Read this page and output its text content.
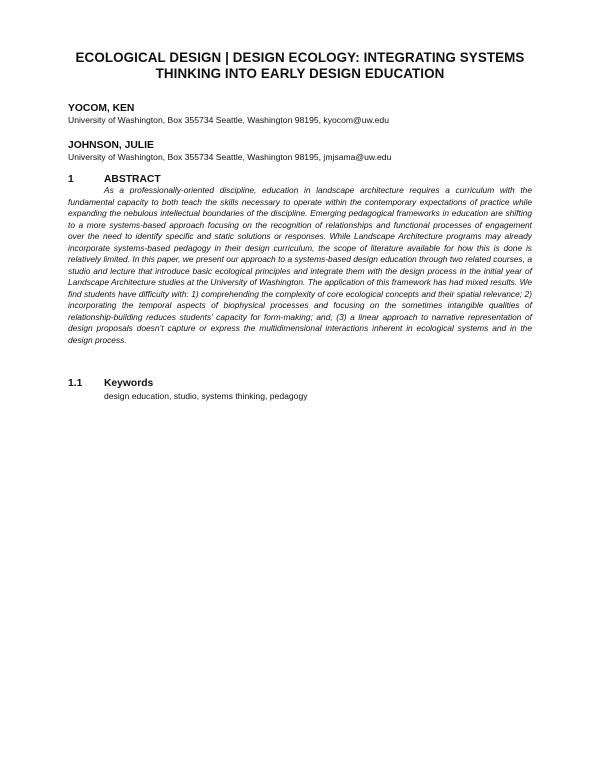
ECOLOGICAL DESIGN | DESIGN ECOLOGY: INTEGRATING SYSTEMS THINKING INTO EARLY DESIGN EDUCATION
YOCOM, KEN
University of Washington, Box 355734 Seattle, Washington 98195, kyocom@uw.edu
JOHNSON, JULIE
University of Washington, Box 355734 Seattle, Washington 98195, jmjsama@uw.edu
1	ABSTRACT

As a professionally-oriented discipline, education in landscape architecture requires a curriculum with the fundamental capacity to both teach the skills necessary to operate within the contemporary expectations of practice while expanding the nebulous intellectual boundaries of the discipline. Emerging pedagogical frameworks in education are shifting to a more systems-based approach focusing on the recognition of relationships and functional processes of engagement over the need to identify specific and static solutions or responses. While Landscape Architecture programs may already incorporate systems-based pedagogy in their design curriculum, the scope of literature available for how this is done is relatively limited. In this paper, we present our approach to a systems-based design education through two related courses, a studio and lecture that introduce basic ecological principles and integrate them with the design process in the initial year of Landscape Architecture studies at the University of Washington. The application of this framework has had mixed results. We find students have difficulty with: 1) comprehending the complexity of core ecological concepts and their spatial relevance; 2) incorporating the temporal aspects of biophysical processes and focusing on the sometimes intangible qualities of relationship-building reduces students’ capacity for form-making; and, (3) a linear approach to narrative representation of design proposals doesn’t capture or express the multidimensional interactions inherent in ecological systems and in the design process.

1.1 Keywords
design education, studio, systems thinking, pedagogy
